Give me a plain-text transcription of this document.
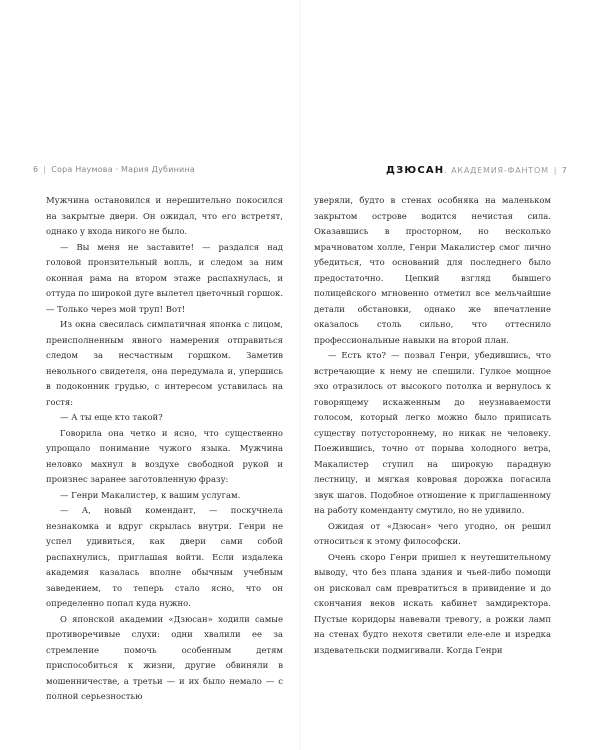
6 | Сора Наумова · Мария Дубинина	ДЗЮСАН. АКАДЕМИЯ-ФАНТОМ | 7

Мужчина остановился и нерешительно покосился на закрытые двери. Он ожидал, что его встретят, однако у входа никого не было.

— Вы меня не заставите! — раздался над головой пронзительный вопль, и следом за ним оконная рама на втором этаже распахнулась, и оттуда по широкой дуге вылетел цветочный горшок. — Только через мой труп! Вот!

Из окна свесилась симпатичная японка с лицом, преисполненным явного намерения отправиться следом за несчастным горшком. Заметив невольного свидетеля, она передумала и, упершись в подоконник грудью, с интересом уставилась на гостя:

— А ты еще кто такой?

Говорила она четко и ясно, что существенно упрощало понимание чужого языка. Мужчина неловко махнул в воздухе свободной рукой и произнес заранее заготовленную фразу:

— Генри Макалистер, к вашим услугам.

— А, новый комендант, — поскучнела незнакомка и вдруг скрылась внутри. Генри не успел удивиться, как двери сами собой распахнулись, приглашая войти. Если издалека академия казалась вполне обычным учебным заведением, то теперь стало ясно, что он определенно попал куда нужно.

О японской академии «Дзюсан» ходили самые противоречивые слухи: одни хвалили ее за стремление помочь особенным детям приспособиться к жизни, другие обвиняли в мошенничестве, а третьи — и их было немало — с полной серьезностью

уверяли, будто в стенах особняка на маленьком закрытом острове водится нечистая сила. Оказавшись в просторном, но несколько мрачноватом холле, Генри Макалистер смог лично убедиться, что оснований для последнего было предостаточно. Цепкий взгляд бывшего полицейского мгновенно отметил все мельчайшие детали обстановки, однако же впечатление оказалось столь сильно, что оттеснило профессиональные навыки на второй план.

— Есть кто? — позвал Генри, убедившись, что встречающие к нему не спешили. Гулкое мощное эхо отразилось от высокого потолка и вернулось к говорящему искаженным до неузнаваемости голосом, который легко можно было приписать существу потустороннему, но никак не человеку. Поежившись, точно от порыва холодного ветра, Макалистер ступил на широкую парадную лестницу, и мягкая ковровая дорожка погасила звук шагов. Подобное отношение к приглашенному на работу коменданту смутило, но не удивило.

Ожидая от «Дзюсан» чего угодно, он решил относиться к этому философски.

Очень скоро Генри пришел к неутешительному выводу, что без плана здания и чьей-либо помощи он рисковал сам превратиться в привидение и до скончания веков искать кабинет замдиректора. Пустые коридоры навевали тревогу, а рожки ламп на стенах будто нехотя светили еле-еле и изредка издевательски подмигивали. Когда Генри
